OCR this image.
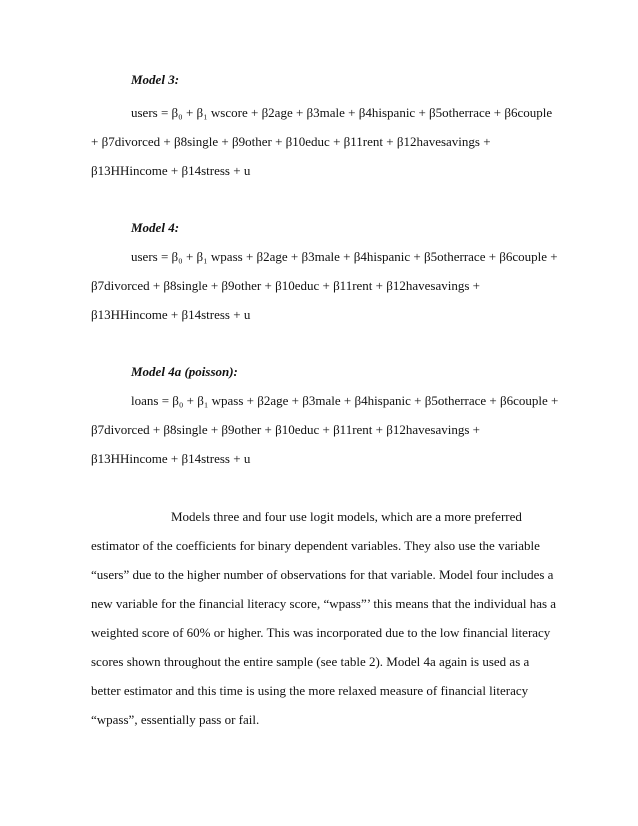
Model 3:
users = β₀ + β₁ wscore + β2age + β3male + β4hispanic + β5otherrace + β6couple
+ β7divorced + β8single + β9other + β10educ + β11rent + β12havesavings +
β13HHincome + β14stress + u
Model 4:
users = β₀ + β₁ wpass + β2age + β3male + β4hispanic + β5otherrace + β6couple +
β7divorced + β8single + β9other + β10educ + β11rent + β12havesavings +
β13HHincome + β14stress + u
Model 4a (poisson):
loans = β₀ + β₁ wpass + β2age + β3male + β4hispanic + β5otherrace + β6couple +
β7divorced + β8single + β9other + β10educ + β11rent + β12havesavings +
β13HHincome + β14stress + u
Models three and four use logit models, which are a more preferred
estimator of the coefficients for binary dependent variables. They also use the variable
“users” due to the higher number of observations for that variable. Model four includes a
new variable for the financial literacy score, “wpass”’ this means that the individual has a
weighted score of 60% or higher. This was incorporated due to the low financial literacy
scores shown throughout the entire sample (see table 2). Model 4a again is used as a
better estimator and this time is using the more relaxed measure of financial literacy
“wpass”, essentially pass or fail.
